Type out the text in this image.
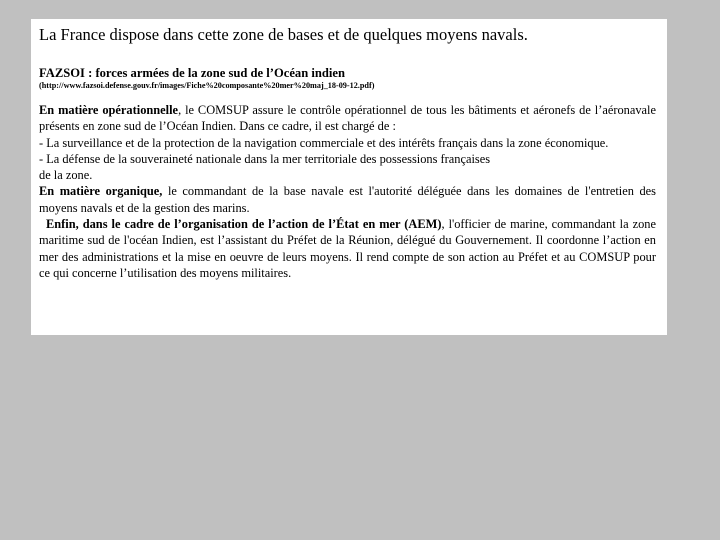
La France dispose dans cette zone de bases et de quelques moyens navals.

FAZSOI : forces armées de la zone sud de l’Océan indien

(http://www.fazsoi.defense.gouv.fr/images/Fiche%20composante%20mer%20maj_18-09-12.pdf)

En matière opérationnelle, le COMSUP assure le contrôle opérationnel de tous les bâtiments et aéronefs de l’aéronavale présents en zone sud de l’Océan Indien. Dans ce cadre, il est chargé de :

- La surveillance et de la protection de la navigation commerciale et des intérêts français dans la zone économique.

- La défense de la souveraineté nationale dans la mer territoriale des possessions françaises
de la zone.

En matière organique, le commandant de la base navale est l'autorité déléguée dans les domaines de l'entretien des moyens navals et de la gestion des marins.

Enfin, dans le cadre de l’organisation de l’action de l’État en mer (AEM), l'officier de marine, commandant la zone maritime sud de l'océan Indien, est l’assistant du Préfet de la Réunion, délégué du Gouvernement. Il coordonne l’action en mer des administrations et la mise en oeuvre de leurs moyens. Il rend compte de son action au Préfet et au COMSUP pour ce qui concerne l’utilisation des moyens militaires.
